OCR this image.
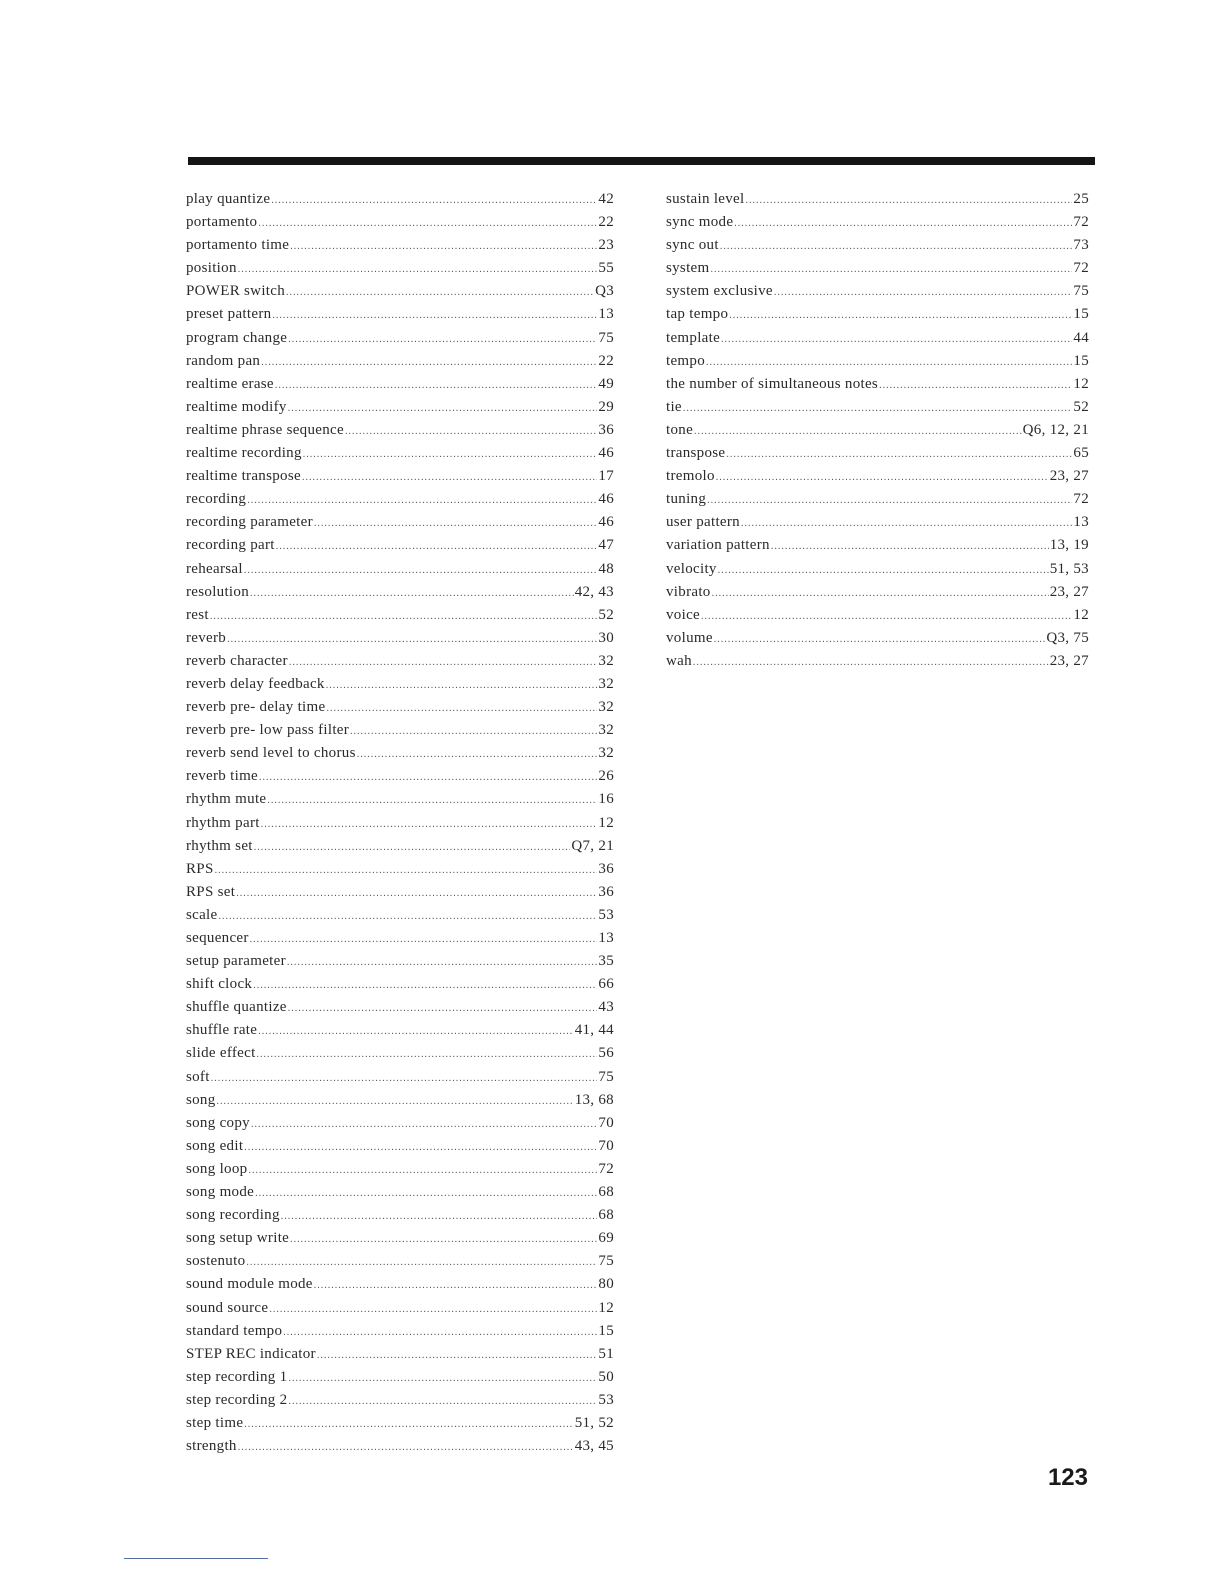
play quantize .....	42
portamento .....	22
portamento time .....	23
position .....	55
POWER switch .....	Q3
preset pattern .....	13
program change .....	75
random pan .....	22
realtime erase .....	49
realtime modify .....	29
realtime phrase sequence .....	36
realtime recording .....	46
realtime transpose .....	17
recording .....	46
recording parameter .....	46
recording part .....	47
rehearsal .....	48
resolution .....	42, 43
rest .....	52
reverb .....	30
reverb character .....	32
reverb delay feedback .....	32
reverb pre- delay time .....	32
reverb pre- low pass filter .....	32
reverb send level to chorus .....	32
reverb time .....	26
rhythm mute .....	16
rhythm part .....	12
rhythm set .....	Q7, 21
RPS .....	36
RPS set .....	36
scale .....	53
sequencer .....	13
setup parameter .....	35
shift clock .....	66
shuffle quantize .....	43
shuffle rate .....	41, 44
slide effect .....	56
soft .....	75
song .....	13, 68
song copy .....	70
song edit .....	70
song loop .....	72
song mode .....	68
song recording .....	68
song setup write .....	69
sostenuto .....	75
sound module mode .....	80
sound source .....	12
standard tempo .....	15
STEP REC indicator .....	51
step recording 1 .....	50
step recording 2 .....	53
step time .....	51, 52
strength .....	43, 45
sustain level .....	25
sync mode .....	72
sync out .....	73
system .....	72
system exclusive .....	75
tap tempo .....	15
template .....	44
tempo .....	15
the number of simultaneous notes .....	12
tie .....	52
tone .....	Q6, 12, 21
transpose .....	65
tremolo .....	23, 27
tuning .....	72
user pattern .....	13
variation pattern .....	13, 19
velocity .....	51, 53
vibrato .....	23, 27
voice .....	12
volume .....	Q3, 75
wah .....	23, 27
123
